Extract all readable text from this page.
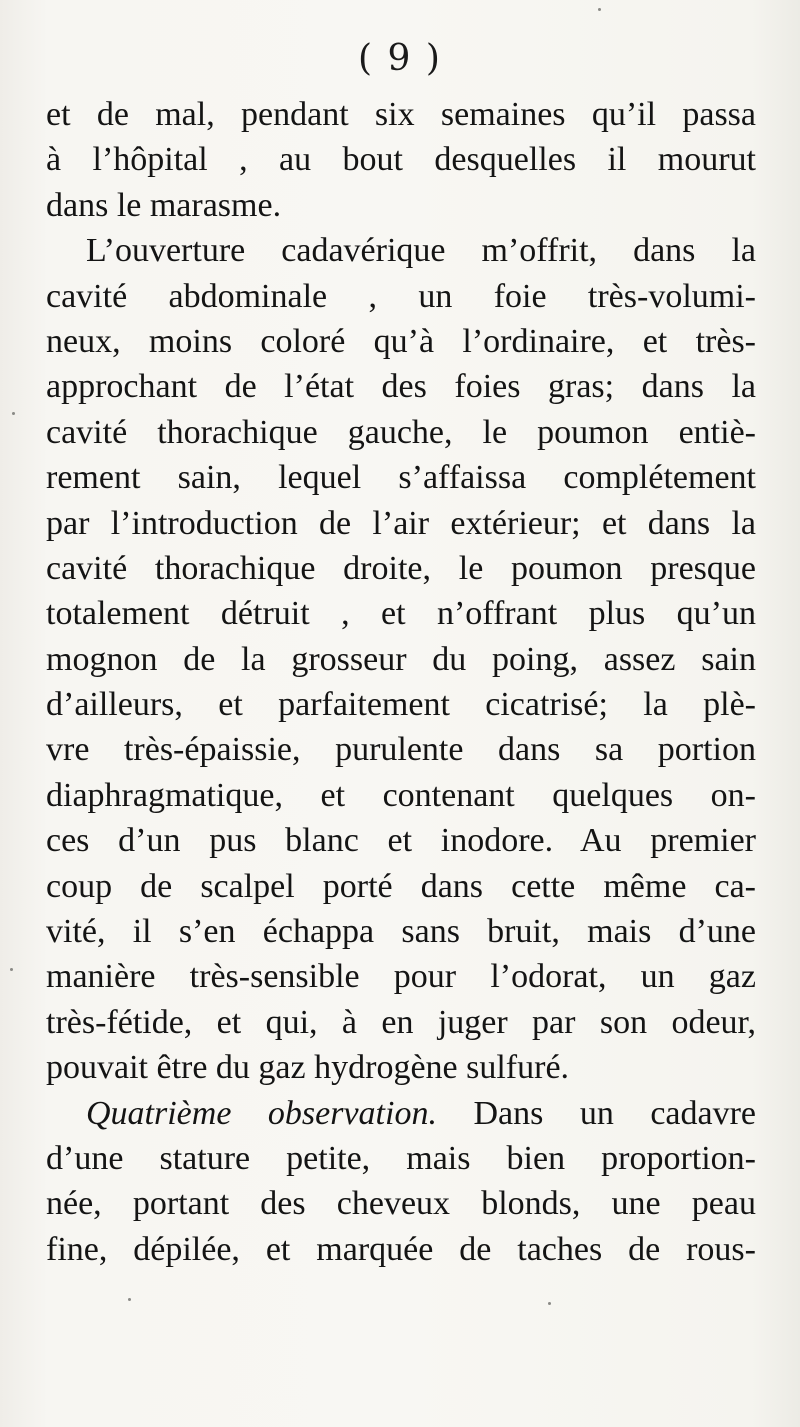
( 9 )
et de mal, pendant six semaines qu’il passa
à l’hôpital , au bout desquelles il mourut
dans le marasme.
L’ouverture cadavérique m’offrit, dans la
cavité abdominale , un foie très-volumi-
neux, moins coloré qu’à l’ordinaire, et très-
approchant de l’état des foies gras; dans la
cavité thorachique gauche, le poumon entiè-
rement sain, lequel s’affaissa complétement
par l’introduction de l’air extérieur; et dans la
cavité thorachique droite, le poumon presque
totalement détruit , et n’offrant plus qu’un
mognon de la grosseur du poing, assez sain
d’ailleurs, et parfaitement cicatrisé; la plè-
vre très-épaissie, purulente dans sa portion
diaphragmatique, et contenant quelques on-
ces d’un pus blanc et inodore. Au premier
coup de scalpel porté dans cette même ca-
vité, il s’en échappa sans bruit, mais d’une
manière très-sensible pour l’odorat, un gaz
très-fétide, et qui, à en juger par son odeur,
pouvait être du gaz hydrogène sulfuré.
Quatrième observation. Dans un cadavre
d’une stature petite, mais bien proportion-
née, portant des cheveux blonds, une peau
fine, dépilée, et marquée de taches de rous-
